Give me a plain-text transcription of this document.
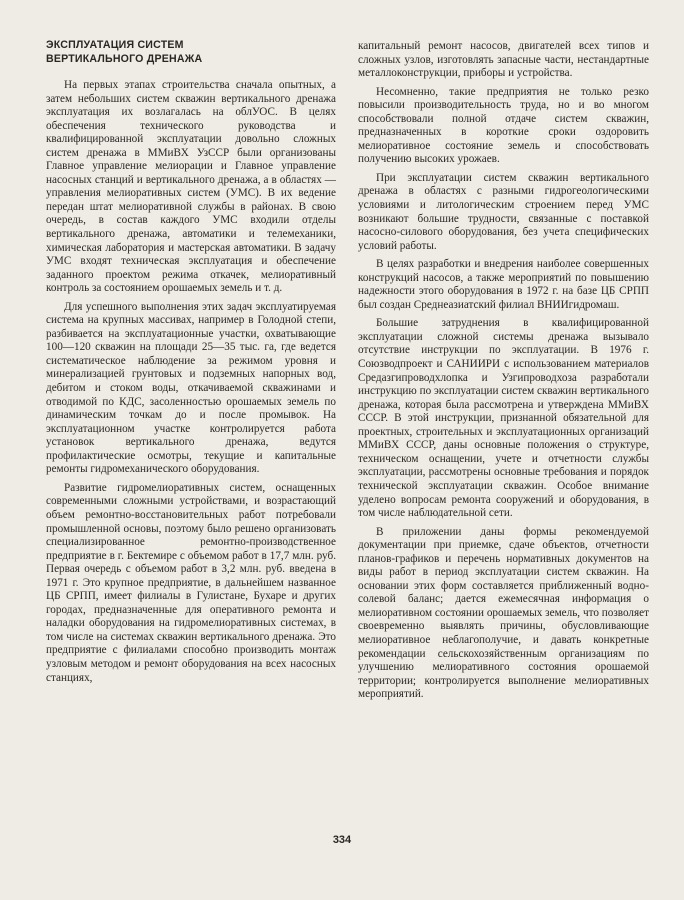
ЭКСПЛУАТАЦИЯ СИСТЕМ
ВЕРТИКАЛЬНОГО ДРЕНАЖА

На первых этапах строительства сначала опытных, а затем небольших систем скважин вертикального дренажа эксплуатация их возлагалась на облУОС. В целях обеспечения технического руководства и квалифицированной эксплуатации довольно сложных систем дренажа в ММиВХ УзССР были организованы Главное управление мелиорации и Главное управление насосных станций и вертикального дренажа, а в областях — управления мелиоративных систем (УМС). В их ведение передан штат мелиоративной службы в районах. В свою очередь, в состав каждого УМС входили отделы вертикального дренажа, автоматики и телемеханики, химическая лаборатория и мастерская автоматики. В задачу УМС входят техническая эксплуатация и обеспечение заданного проектом режима откачек, мелиоративный контроль за состоянием орошаемых земель и т. д.

Для успешного выполнения этих задач эксплуатируемая система на крупных массивах, например в Голодной степи, разбивается на эксплуатационные участки, охватывающие 100—120 скважин на площади 25—35 тыс. га, где ведется систематическое наблюдение за режимом уровня и минерализацией грунтовых и подземных напорных вод, дебитом и стоком воды, откачиваемой скважинами и отводимой по КДС, засоленностью орошаемых земель по динамическим точкам до и после промывок. На эксплуатационном участке контролируется работа установок вертикального дренажа, ведутся профилактические осмотры, текущие и капитальные ремонты гидромеханического оборудования.

Развитие гидромелиоративных систем, оснащенных современными сложными устройствами, и возрастающий объем ремонтно-восстановительных работ потребовали промышленной основы, поэтому было решено организовать специализированное ремонтно-производственное предприятие в г. Бектемире с объемом работ в 17,7 млн. руб. Первая очередь с объемом работ в 3,2 млн. руб. введена в 1971 г. Это крупное предприятие, в дальнейшем названное ЦБ СРПП, имеет филиалы в Гулистане, Бухаре и других городах, предназначенные для оперативного ремонта и наладки оборудования на гидромелиоративных системах, в том числе на системах скважин вертикального дренажа. Это предприятие с филиалами способно производить монтаж узловым методом и ремонт оборудования на всех насосных станциях,

капитальный ремонт насосов, двигателей всех типов и сложных узлов, изготовлять запасные части, нестандартные металлоконструкции, приборы и устройства.

Несомненно, такие предприятия не только резко повысили производительность труда, но и во многом способствовали полной отдаче систем скважин, предназначенных в короткие сроки оздоровить мелиоративное состояние земель и способствовать получению высоких урожаев.

При эксплуатации систем скважин вертикального дренажа в областях с разными гидрогеологическими условиями и литологическим строением перед УМС возникают большие трудности, связанные с поставкой насосно-силового оборудования, без учета специфических условий работы.

В целях разработки и внедрения наиболее совершенных конструкций насосов, а также мероприятий по повышению надежности этого оборудования в 1972 г. на базе ЦБ СРПП был создан Среднеазиатский филиал ВНИИгидромаш.

Большие затруднения в квалифицированной эксплуатации сложной системы дренажа вызывало отсутствие инструкции по эксплуатации. В 1976 г. Союзводпроект и САНИИРИ с использованием материалов Средазгипроводхлопка и Узгипроводхоза разработали инструкцию по эксплуатации систем скважин вертикального дренажа, которая была рассмотрена и утверждена ММиВХ СССР. В этой инструкции, признанной обязательной для проектных, строительных и эксплуатационных организаций ММиВХ СССР, даны основные положения о структуре, техническом оснащении, учете и отчетности службы эксплуатации, рассмотрены основные требования и порядок технической эксплуатации скважин. Особое внимание уделено вопросам ремонта сооружений и оборудования, в том числе наблюдательной сети.

В приложении даны формы рекомендуемой документации при приемке, сдаче объектов, отчетности планов-графиков и перечень нормативных документов на виды работ в период эксплуатации систем скважин. На основании этих форм составляется приближенный водно-солевой баланс; дается ежемесячная информация о мелиоративном состоянии орошаемых земель, что позволяет своевременно выявлять причины, обусловливающие мелиоративное неблагополучие, и давать конкретные рекомендации сельскохозяйственным организациям по улучшению мелиоративного состояния орошаемой территории; контролируется выполнение мелиоративных мероприятий.

334
